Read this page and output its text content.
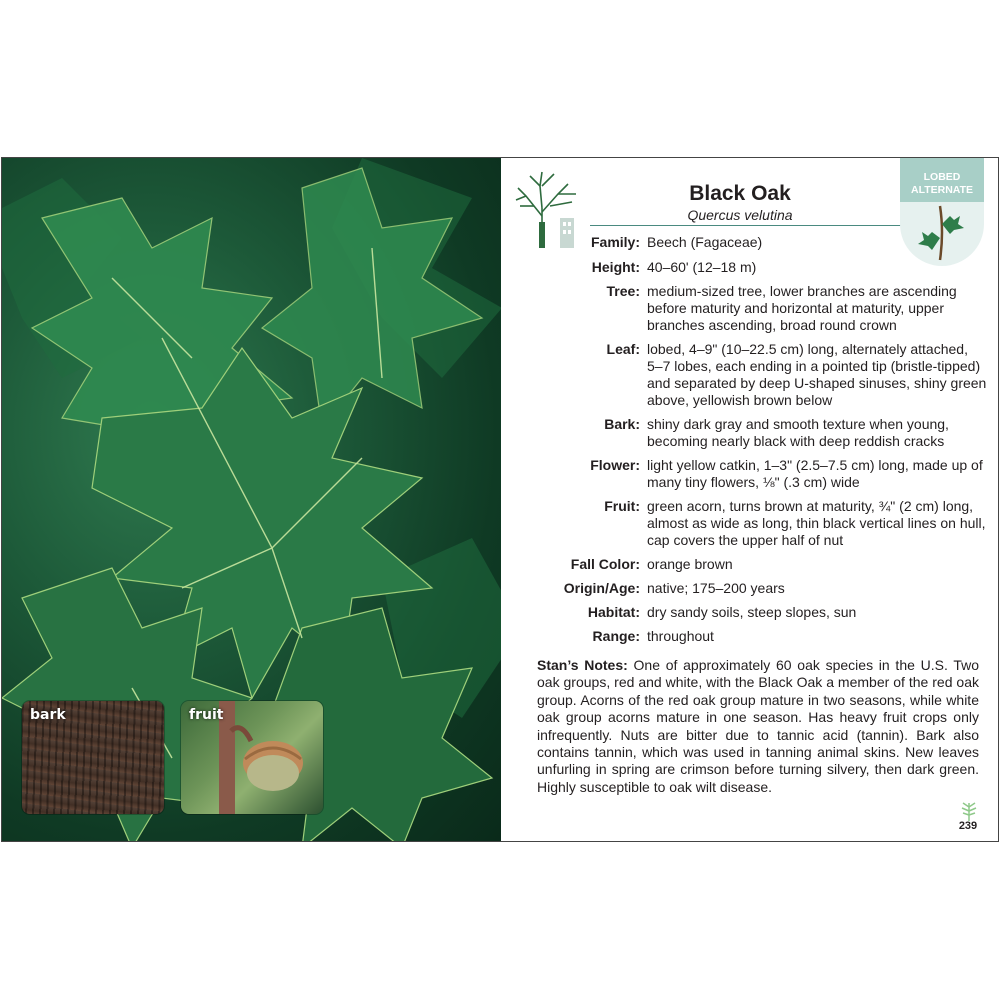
bark	fruit
Black Oak
Quercus velutina
LOBED
ALTERNATE
Family: Beech (Fagaceae)
Height: 40–60' (12–18 m)
Tree: medium-sized tree, lower branches are ascending before maturity and horizontal at maturity, upper branches ascending, broad round crown
Leaf: lobed, 4–9" (10–22.5 cm) long, alternately attached, 5–7 lobes, each ending in a pointed tip (bristle-tipped) and separated by deep U-shaped sinuses, shiny green above, yellowish brown below
Bark: shiny dark gray and smooth texture when young, becoming nearly black with deep reddish cracks
Flower: light yellow catkin, 1–3" (2.5–7.5 cm) long, made up of many tiny flowers, ⅛" (.3 cm) wide
Fruit: green acorn, turns brown at maturity, ¾" (2 cm) long, almost as wide as long, thin black vertical lines on hull, cap covers the upper half of nut
Fall Color: orange brown
Origin/Age: native; 175–200 years
Habitat: dry sandy soils, steep slopes, sun
Range: throughout
Stan’s Notes: One of approximately 60 oak species in the U.S. Two oak groups, red and white, with the Black Oak a member of the red oak group. Acorns of the red oak group mature in two seasons, while white oak group acorns mature in one season. Has heavy fruit crops only infrequently. Nuts are bitter due to tannic acid (tannin). Bark also contains tannin, which was used in tanning animal skins. New leaves unfurling in spring are crimson before turning silvery, then dark green. Highly susceptible to oak wilt disease.
239
